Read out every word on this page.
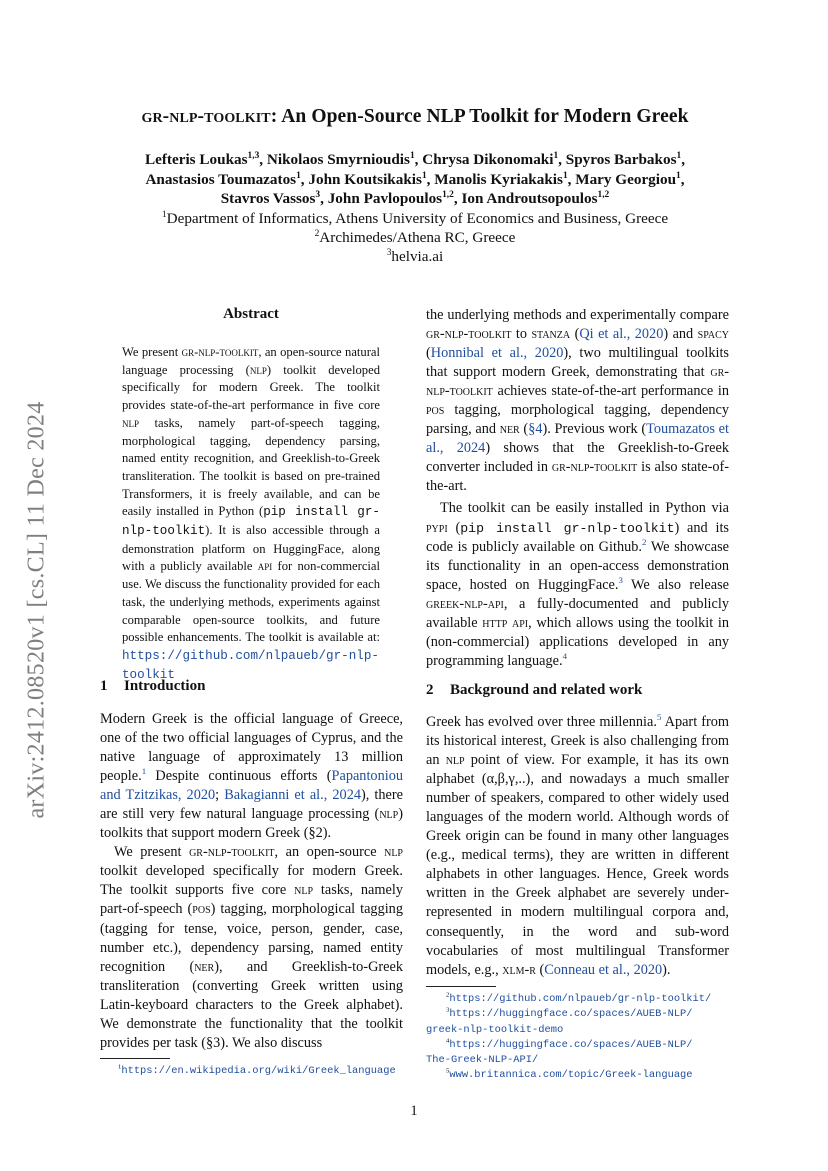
arXiv:2412.08520v1 [cs.CL] 11 Dec 2024
gr-nlp-toolkit: An Open-Source NLP Toolkit for Modern Greek
Lefteris Loukas$^{1,3}$, Nikolaos Smyrnioudis$^1$, Chrysa Dikonomaki$^1$, Spyros Barbakos$^1$,
Anastasios Toumazatos$^1$, John Koutsikakis$^1$, Manolis Kyriakakis$^1$, Mary Georgiou$^1$,
Stavros Vassos$^3$, John Pavlopoulos$^{1,2}$, Ion Androutsopoulos$^{1,2}$
$^1$Department of Informatics, Athens University of Economics and Business, Greece
$^2$Archimedes/Athena RC, Greece
$^3$helvia.ai
Abstract
We present gr-nlp-toolkit, an open-source natural language processing (nlp) toolkit developed specifically for modern Greek. The toolkit provides state-of-the-art performance in five core nlp tasks, namely part-of-speech tagging, morphological tagging, dependency parsing, named entity recognition, and Greeklish-to-Greek transliteration. The toolkit is based on pre-trained Transformers, it is freely available, and can be easily installed in Python (pip install gr-nlp-toolkit). It is also accessible through a demonstration platform on HuggingFace, along with a publicly available api for non-commercial use. We discuss the functionality provided for each task, the underlying methods, experiments against comparable open-source toolkits, and future possible enhancements. The toolkit is available at: https://github.com/nlpaueb/gr-nlp-toolkit
1 Introduction

Modern Greek is the official language of Greece, one of the two official languages of Cyprus, and the native language of approximately 13 million people.$^1$ Despite continuous efforts (Papantoniou and Tzitzikas, 2020; Bakagianni et al., 2024), there are still very few natural language processing (nlp) toolkits that support modern Greek (§2).

We present gr-nlp-toolkit, an open-source nlp toolkit developed specifically for modern Greek. The toolkit supports five core nlp tasks, namely part-of-speech (pos) tagging, morphological tagging (tagging for tense, voice, person, gender, case, number etc.), dependency parsing, named entity recognition (ner), and Greeklish-to-Greek transliteration (converting Greek written using Latin-keyboard characters to the Greek alphabet). We demonstrate the functionality that the toolkit provides per task (§3). We also discuss

$^1$https://en.wikipedia.org/wiki/Greek_language

the underlying methods and experimentally compare gr-nlp-toolkit to stanza (Qi et al., 2020) and spacy (Honnibal et al., 2020), two multilingual toolkits that support modern Greek, demonstrating that gr-nlp-toolkit achieves state-of-the-art performance in pos tagging, morphological tagging, dependency parsing, and ner (§4). Previous work (Toumazatos et al., 2024) shows that the Greeklish-to-Greek converter included in gr-nlp-toolkit is also state-of-the-art.

The toolkit can be easily installed in Python via pypi (pip install gr-nlp-toolkit) and its code is publicly available on Github.$^2$ We showcase its functionality in an open-access demonstration space, hosted on HuggingFace.$^3$ We also release greek-nlp-api, a fully-documented and publicly available http api, which allows using the toolkit in (non-commercial) applications developed in any programming language.$^4$

2 Background and related work

Greek has evolved over three millennia.$^5$ Apart from its historical interest, Greek is also challenging from an nlp point of view. For example, it has its own alphabet (α,β,γ,..), and nowadays a much smaller number of speakers, compared to other widely used languages of the modern world. Although words of Greek origin can be found in many other languages (e.g., medical terms), they are written in different alphabets in other languages. Hence, Greek words written in the Greek alphabet are severely under-represented in modern multilingual corpora and, consequently, in the word and sub-word vocabularies of most multilingual Transformer models, e.g., xlm-r (Conneau et al., 2020).

$^2$https://github.com/nlpaueb/gr-nlp-toolkit/
$^3$https://huggingface.co/spaces/AUEB-NLP/
greek-nlp-toolkit-demo
$^4$https://huggingface.co/spaces/AUEB-NLP/
The-Greek-NLP-API/
$^5$www.britannica.com/topic/Greek-language
1
